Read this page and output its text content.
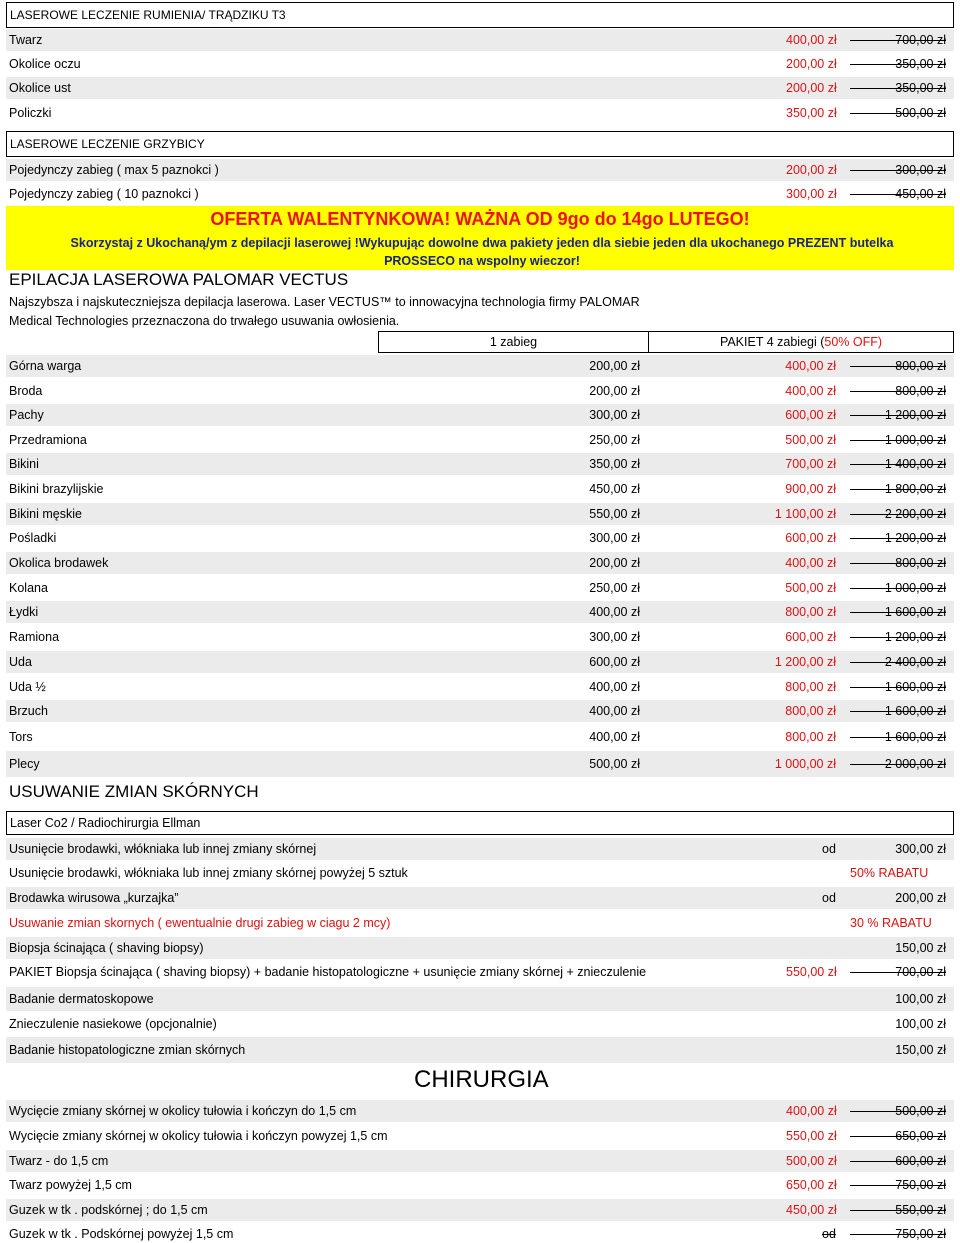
LASEROWE LECZENIE RUMIENIA/ TRĄDZIKU T3
Twarz	400,00 zł	700,00 zł
Okolice oczu	200,00 zł	350,00 zł
Okolice ust	200,00 zł	350,00 zł
Policzki	350,00 zł	500,00 zł
LASEROWE LECZENIE GRZYBICY
Pojedynczy zabieg ( max 5 paznokci )	200,00 zł	300,00 zł
Pojedynczy zabieg ( 10 paznokci )	300,00 zł	450,00 zł
OFERTA WALENTYNKOWA! WAŻNA OD 9go do 14go LUTEGO!
Skorzystaj z Ukochaną/ym z depilacji laserowej !Wykupując dowolne dwa pakiety jeden dla siebie jeden dla ukochanego PREZENT butelka PROSSECO na wspolny wieczor!
EPILACJA LASEROWA PALOMAR VECTUS
Najszybsza i najskuteczniejsza depilacja laserowa. Laser VECTUS™ to innowacyjna technologia firmy PALOMAR
Medical Technologies przeznaczona do trwałego usuwania owłosienia.
1 zabieg	PAKIET 4 zabiegi ( 50% OFF)
Górna warga	200,00 zł	400,00 zł	800,00 zł
Broda	200,00 zł	400,00 zł	800,00 zł
Pachy	300,00 zł	600,00 zł	1 200,00 zł
Przedramiona	250,00 zł	500,00 zł	1 000,00 zł
Bikini	350,00 zł	700,00 zł	1 400,00 zł
Bikini brazylijskie	450,00 zł	900,00 zł	1 800,00 zł
Bikini męskie	550,00 zł	1 100,00 zł	2 200,00 zł
Pośladki	300,00 zł	600,00 zł	1 200,00 zł
Okolica brodawek	200,00 zł	400,00 zł	800,00 zł
Kolana	250,00 zł	500,00 zł	1 000,00 zł
Łydki	400,00 zł	800,00 zł	1 600,00 zł
Ramiona	300,00 zł	600,00 zł	1 200,00 zł
Uda	600,00 zł	1 200,00 zł	2 400,00 zł
Uda ½	400,00 zł	800,00 zł	1 600,00 zł
Brzuch	400,00 zł	800,00 zł	1 600,00 zł
Tors	400,00 zł	800,00 zł	1 600,00 zł
Plecy	500,00 zł	1 000,00 zł	2 000,00 zł
USUWANIE ZMIAN SKÓRNYCH
Laser Co2 / Radiochirurgia Ellman
Usunięcie brodawki, włókniaka lub innej zmiany skórnej	od	300,00 zł
Usunięcie brodawki, włókniaka lub innej zmiany skórnej powyżej 5 sztuk	50% RABATU
Brodawka wirusowa „kurzajka”	od	200,00 zł
Usuwanie zmian skornych ( ewentualnie drugi zabieg w ciagu 2 mcy)	30 % RABATU
Biopsja ścinająca ( shaving biopsy)	150,00 zł
PAKIET Biopsja ścinająca ( shaving biopsy) + badanie histopatologiczne + usunięcie zmiany skórnej + znieczulenie	550,00 zł	700,00 zł
Badanie dermatoskopowe	100,00 zł
Znieczulenie nasiekowe (opcjonalnie)	100,00 zł
Badanie histopatologiczne zmian skórnych	150,00 zł
CHIRURGIA
Wycięcie zmiany skórnej w okolicy tułowia i kończyn do 1,5 cm	400,00 zł	500,00 zł
Wycięcie zmiany skórnej w okolicy tułowia i kończyn powyzej 1,5 cm	550,00 zł	650,00 zł
Twarz - do 1,5 cm	500,00 zł	600,00 zł
Twarz powyżej 1,5 cm	650,00 zł	750,00 zł
Guzek w tk . podskórnej ; do 1,5 cm	450,00 zł	550,00 zł
Guzek w tk . Podskórnej powyżej 1,5 cm	od	750,00 zł
